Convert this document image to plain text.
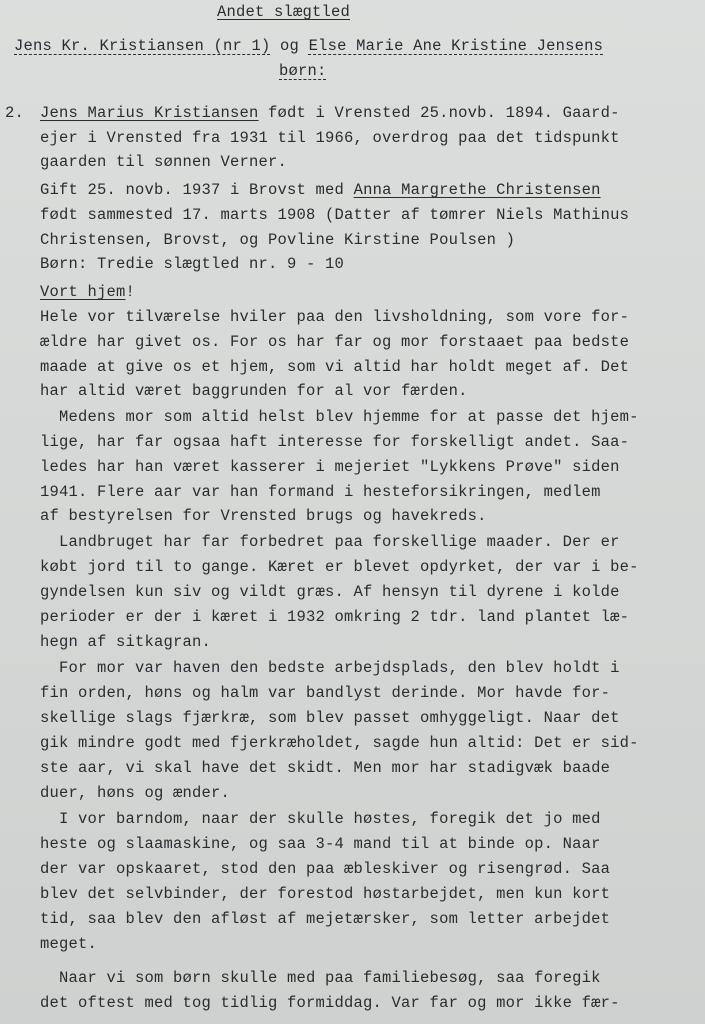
Andet slægtled
Jens Kr. Kristiansen (nr 1) og Else Marie Ane Kristine Jensens
børn:
2. Jens Marius Kristiansen født i Vrensted 25.novb. 1894. Gaard-
ejer i Vrensted fra 1931 til 1966, overdrog paa det tidspunkt
gaarden til sønnen Verner.
Gift 25. novb. 1937 i Brovst med Anna Margrethe Christensen
født sammested 17. marts 1908 (Datter af tømrer Niels Mathinus
Christensen, Brovst, og Povline Kirstine Poulsen )
Børn: Tredie slægtled nr. 9 - 10
Vort hjem!
Hele vor tilværelse hviler paa den livsholdning, som vore for-
ældre har givet os. For os har far og mor forstaaet paa bedste
maade at give os et hjem, som vi altid har holdt meget af. Det
har altid været baggrunden for al vor færden.
Medens mor som altid helst blev hjemme for at passe det hjem-
lige, har far ogsaa haft interesse for forskelligt andet. Saa-
ledes har han været kasserer i mejeriet "Lykkens Prøve" siden
1941. Flere aar var han formand i hesteforsikringen, medlem
af bestyrelsen for Vrensted brugs og havekreds.
Landbruget har far forbedret paa forskellige maader. Der er
købt jord til to gange. Kæret er blevet opdyrket, der var i be-
gyndelsen kun siv og vildt græs. Af hensyn til dyrene i kolde
perioder er der i kæret i 1932 omkring 2 tdr. land plantet læ-
hegn af sitkagran.
For mor var haven den bedste arbejdsplads, den blev holdt i
fin orden, høns og halm var bandlyst derinde. Mor havde for-
skellige slags fjærkræ, som blev passet omhyggeligt. Naar det
gik mindre godt med fjerkræholdet, sagde hun altid: Det er sid-
ste aar, vi skal have det skidt. Men mor har stadigvæk baade
duer, høns og ænder.
I vor barndom, naar der skulle høstes, foregik det jo med
heste og slaamaskine, og saa 3-4 mand til at binde op. Naar
der var opskaaret, stod den paa æbleskiver og risengrød. Saa
blev det selvbinder, der forestod høstarbejdet, men kun kort
tid, saa blev den afløst af mejetærsker, som letter arbejdet
meget.
Naar vi som børn skulle med paa familiebesøg, saa foregik
det oftest med tog tidlig formiddag. Var far og mor ikke fær-
